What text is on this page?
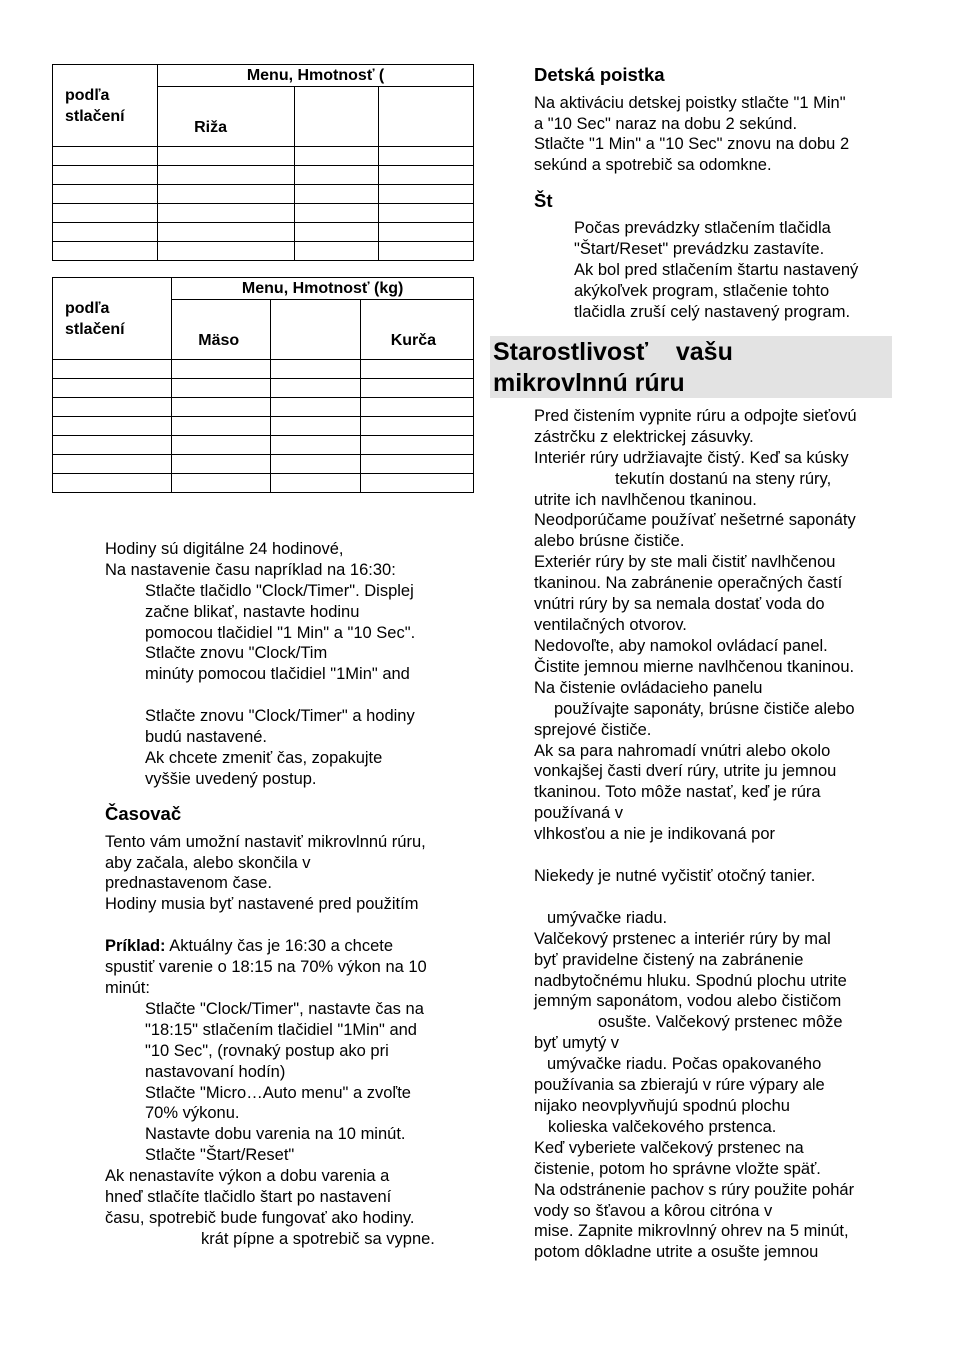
podľa
stlačení	Menu, Hmotnosť (		
	Riža		

podľa
stlačení	Menu, Hmotnosť (kg)		
	Mäso		Kurča

Hodiny sú digitálne 24 hodinové,
Na nastavenie času napríklad na 16:30:
Stlačte tlačidlo "Clock/Timer". Displej
začne blikať, nastavte hodinu
pomocou tlačidiel "1 Min" a "10 Sec".
Stlačte znovu "Clock/Tim
minúty pomocou tlačidiel "1Min" and
Stlačte znovu "Clock/Timer" a hodiny
budú nastavené.
Ak chcete zmeniť čas, zopakujte
vyššie uvedený postup.
Časovač
Tento vám umožní nastaviť mikrovlnnú rúru,
aby začala, alebo skončila v
prednastavenom čase.
Hodiny musia byť nastavené pred použitím
Príklad: Aktuálny čas je 16:30 a chcete
spustiť varenie o 18:15 na 70% výkon na 10
minút:
Stlačte "Clock/Timer", nastavte čas na
"18:15" stlačením tlačidiel "1Min" and
"10 Sec", (rovnaký postup ako pri
nastavovaní hodín)
Stlačte "Micro…Auto menu" a zvoľte
70% výkonu.
Nastavte dobu varenia na 10 minút.
Stlačte "Štart/Reset"
Ak nenastavíte výkon a dobu varenia a
hneď stlačíte tlačidlo štart po nastavení
času, spotrebič bude fungovať ako hodiny.
krát pípne a spotrebič sa vypne.
Detská poistka
Na aktiváciu detskej poistky stlačte "1 Min"
a "10 Sec" naraz na dobu 2 sekúnd.
Stlačte "1 Min" a "10 Sec" znovu na dobu 2
sekúnd a spotrebič sa odomkne.
Št
Počas prevádzky stlačením tlačidla
"Štart/Reset" prevádzku zastavíte.
Ak bol pred stlačením štartu nastavený
akýkoľvek program, stlačenie tohto
tlačidla zruší celý nastavený program.
Starostlivosť    vašu
mikrovlnnú rúru
Pred čistením vypnite rúru a odpojte sieťovú
zástrčku z elektrickej zásuvky.
Interiér rúry udržiavajte čistý. Keď sa kúsky
tekutín dostanú na steny rúry,
utrite ich navlhčenou tkaninou.
Neodporúčame používať nešetrné saponáty
alebo brúsne čističe.
Exteriér rúry by ste mali čistiť navlhčenou
tkaninou. Na zabránenie operačných častí
vnútri rúry by sa nemala dostať voda do
ventilačných otvorov.
Nedovoľte, aby namokol ovládací panel.
Čistite jemnou mierne navlhčenou tkaninou.
Na čistenie ovládacieho panelu
používajte saponáty, brúsne čističe alebo
sprejové čističe.
Ak sa para nahromadí vnútri alebo okolo
vonkajšej časti dverí rúry, utrite ju jemnou
tkaninou. Toto môže nastať, keď je rúra
používaná v
vlhkosťou a nie je indikovaná por
Niekedy je nutné vyčistiť otočný tanier.
umývačke riadu.
Valčekový prstenec a interiér rúry by mal
byť pravidelne čistený na zabránenie
nadbytočnému hluku. Spodnú plochu utrite
jemným saponátom, vodou alebo čističom
osušte. Valčekový prstenec môže
byť umytý v
umývačke riadu. Počas opakovaného
používania sa zbierajú v rúre výpary ale
nijako neovplyvňujú spodnú plochu
kolieska valčekového prstenca.
Keď vyberiete valčekový prstenec na
čistenie, potom ho správne vložte späť.
Na odstránenie pachov s rúry použite pohár
vody so šťavou a kôrou citróna v
mise. Zapnite mikrovlnný ohrev na 5 minút,
potom dôkladne utrite a osušte jemnou
